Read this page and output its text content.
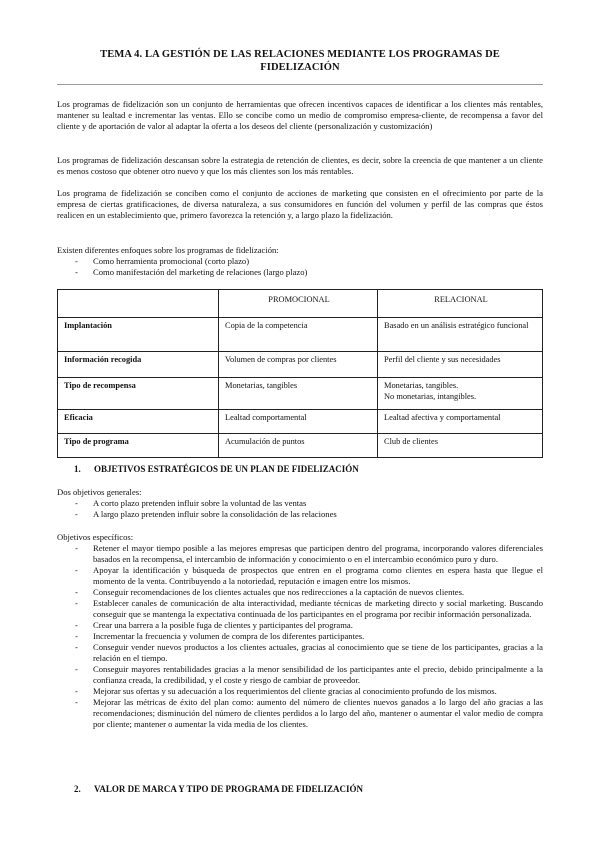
TEMA 4. LA GESTIÓN DE LAS RELACIONES MEDIANTE LOS PROGRAMAS DE FIDELIZACIÓN

Los programas de fidelización son un conjunto de herramientas que ofrecen incentivos capaces de identificar a los clientes más rentables, mantener su lealtad e incrementar las ventas. Ello se concibe como un medio de compromiso empresa-cliente, de recompensa a favor del cliente y de aportación de valor al adaptar la oferta a los deseos del cliente (personalización y customización)

Los programas de fidelización descansan sobre la estrategia de retención de clientes, es decir, sobre la creencia de que mantener a un cliente es menos costoso que obtener otro nuevo y que los más clientes son los más rentables.

Los programa de fidelización se conciben como el conjunto de acciones de marketing que consisten en el ofrecimiento por parte de la empresa de ciertas gratificaciones, de diversa naturaleza, a sus consumidores en función del volumen y perfil de las compras que éstos realicen en un establecimiento que, primero favorezca la retención y, a largo plazo la fidelización.

Existen diferentes enfoques sobre los programas de fidelización:

- Como herramienta promocional (corto plazo)
- Como manifestación del marketing de relaciones (largo plazo)
	PROMOCIONAL	RELACIONAL
Implantación	Copia de la competencia	Basado en un análisis estratégico funcional
Información recogida	Volumen de compras por clientes	Perfil del cliente y sus necesidades
Tipo de recompensa	Monetarias, tangibles	Monetarias, tangibles.
No monetarias, intangibles.
Eficacia	Lealtad comportamental	Lealtad afectiva y comportamental
Tipo de programa	Acumulación de puntos	Club de clientes
1. OBJETIVOS ESTRATÉGICOS DE UN PLAN DE FIDELIZACIÓN

Dos objetivos generales:

- A corto plazo pretenden influir sobre la voluntad de las ventas
- A largo plazo pretenden influir sobre la consolidación de las relaciones

Objetivos específicos:

- Retener el mayor tiempo posible a las mejores empresas que participen dentro del programa, incorporando valores diferenciales basados en la recompensa, el intercambio de información y conocimiento o en el intercambio económico puro y duro.
- Apoyar la identificación y búsqueda de prospectos que entren en el programa como clientes en espera hasta que llegue el momento de la venta. Contribuyendo a la notoriedad, reputación e imagen entre los mismos.
- Conseguir recomendaciones de los clientes actuales que nos redirecciones a la captación de nuevos clientes.
- Establecer canales de comunicación de alta interactividad, mediante técnicas de marketing directo y social marketing. Buscando conseguir que se mantenga la expectativa continuada de los participantes en el programa por recibir información personalizada.
- Crear una barrera a la posible fuga de clientes y participantes del programa.
- Incrementar la frecuencia y volumen de compra de los diferentes participantes.
- Conseguir vender nuevos productos a los clientes actuales, gracias al conocimiento que se tiene de los participantes, gracias a la relación en el tiempo.
- Conseguir mayores rentabilidades gracias a la menor sensibilidad de los participantes ante el precio, debido principalmente a la confianza creada, la credibilidad, y el coste y riesgo de cambiar de proveedor.
- Mejorar sus ofertas y su adecuación a los requerimientos del cliente gracias al conocimiento profundo de los mismos.
- Mejorar las métricas de éxito del plan como: aumento del número de clientes nuevos ganados a lo largo del año gracias a las recomendaciones; disminución del número de clientes perdidos a lo largo del año, mantener o aumentar el valor medio de compra por cliente; mantener o aumentar la vida media de los clientes.
2. VALOR DE MARCA Y TIPO DE PROGRAMA DE FIDELIZACIÓN
